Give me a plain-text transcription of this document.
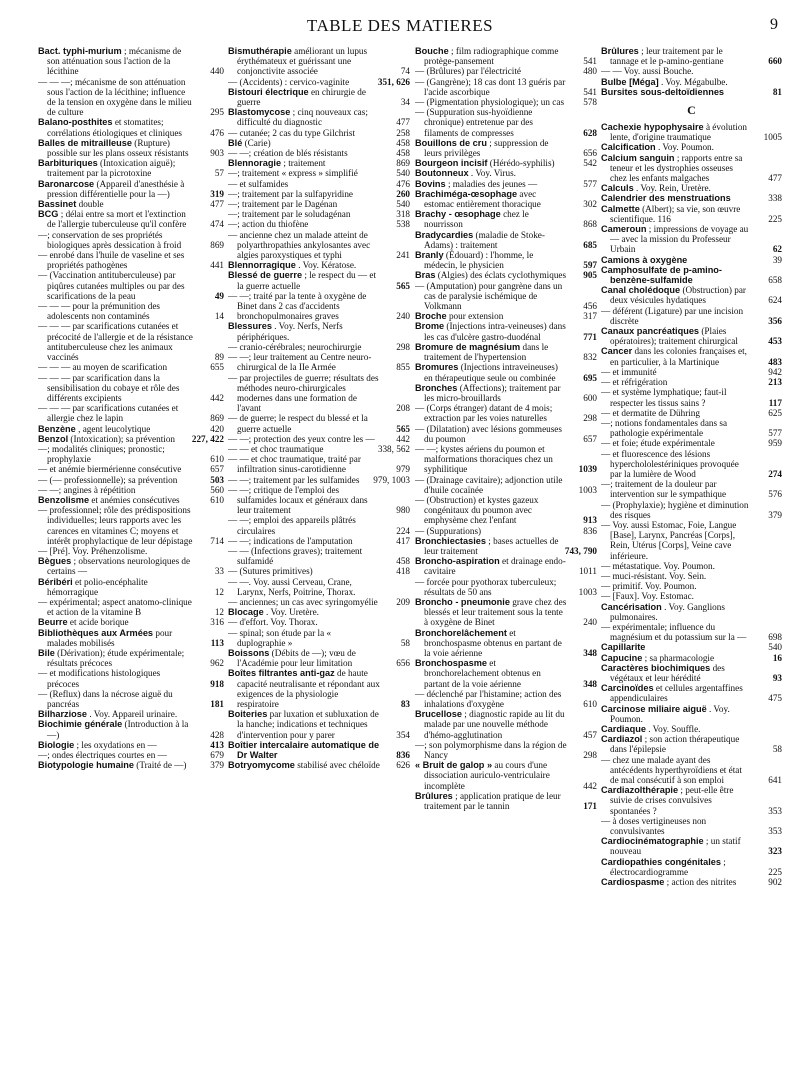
TABLE DES MATIERES	9
Bact. typhi-murium ; mécanisme de son atténuation sous l'action de la lécithine	440
— — —; mécanisme de son atténuation sous l'action de la lécithine; influence de la tension en oxygène dans le milieu de culture	295
Balano-posthites et stomatites; corrélations étiologiques et cliniques	476
Balles de mitrailleuse (Rupture) possible sur les plans osseux résistants 903
Barbituriques (Intoxication aiguë); traitement par la picrotoxine	57
Baronarcose (Appareil d'anesthésie à pression différentielle pour la —)	319
Bassinet double	477
BCG ; délai entre sa mort et l'extinction de l'allergie tuberculeuse qu'il confère	474
—; conservation de ses propriétés biologiques après dessication à froid	869
— enrobé dans l'huile de vaseline et ses propriétés pathogènes	441
— (Vaccination antituberculeuse) par piqûres cutanées multiples ou par des scarifications de la peau	49
— — — pour la prémunition des adolescents non contaminés	14
— — — par scarifications cutanées et précocité de l'allergie et de la résistance antituberculeuse chez les animaux vaccinés	89
— — — au moyen de scarification	655
— — — par scarification dans la sensibilisation du cobaye et rôle des différents excipients	442
— — — par scarifications cutanées et allergie chez le lapin	869
Benzène , agent leucolytique	420
Benzol (Intoxication); sa prévention 227, 422
—; modalités cliniques; pronostic; prophylaxie	610
— et anémie biermérienne consécutive	657
— (— professionnelle); sa prévention	503
— —; angines à répétition	560
Benzolisme et anémies consécutives	610
— professionnel; rôle des prédispositions individuelles; leurs rapports avec les carences en vitamines C; moyens et intérêt prophylactique de leur dépistage 714
— [Pré]. Voy. Préhenzolisme.
Bègues ; observations neurologiques de certains —	33
Béribéri et polio-encéphalite hémorragique	12
— expérimental; aspect anatomo-clinique et action de la vitamine B	12
Beurre et acide borique	316
Bibliothèques aux Armées pour malades mobilisés	113
Bile (Dérivation); étude expérimentale; résultats précoces	962
— et modifications histologiques précoces	918
— (Reflux) dans la nécrose aiguë du pancréas	181
Bilharziose . Voy. Appareil urinaire.
Biochimie générale (Introduction à la —)	428
Biologie ; les oxydations en —	413
—; ondes électriques courtes en —	679
Biotypologie humaine (Traité de —)	379
Bismuthérapie améliorant un lupus érythémateux et guérissant une conjonctivite associée	74
— (Accidents) : cervico-vaginite	351, 626
Bistouri électrique en chirurgie de guerre	34
Blastomycose ; cinq nouveaux cas; difficulté du diagnostic	477
— cutanée; 2 cas du type Gilchrist	258
Blé (Carie)	458
— —; création de blés résistants	458
Blennoragie ; traitement	869
—; traitement « express » simplifié	540
— et sulfamides	476
—; traitement par la sulfapyridine	260
—; traitement par le Dagénan	540
—; traitement par le soludagénan	318
—; action du thiofène	538
— ancienne chez un malade atteint de polyarthropathies ankylosantes avec algies paroxystiques et typhi	241
Blennorragique . Voy. Kératose.
Blessé de guerre ; le respect du — et la guerre actuelle	565
— —; traité par la tente à oxygène de Binet dans 2 cas d'accidents bronchopulmonaires graves	240
Blessures . Voy. Nerfs, Nerfs périphériques.
— cranio-cérébrales; neurochirurgie	298
— —; leur traitement au Centre neuro-chirurgical de la IIe Armée	855
— par projectiles de guerre; résultats des méthodes neuro-chirurgicales modernes dans une formation de l'avant	208
— de guerre; le respect du blessé et la guerre actuelle	565
— —; protection des yeux contre les — 442
— — et choc traumatique	338, 562
— — et choc traumatique, traité par infiltration sinus-carotidienne	979
— —; traitement par les sulfamides 979, 1003
— —; critique de l'emploi des sulfamides locaux et généraux dans leur traitement	980
— —; emploi des appareils plâtrés circulaires	224
— —; indications de l'amputation	417
— — (Infections graves); traitement sulfamidé	458
— (Sutures primitives)	418
— —. Voy. aussi Cerveau, Crane, Larynx, Nerfs, Poitrine, Thorax.
— anciennes; un cas avec syringomyélie 209
Blocage . Voy. Uretère.
— d'effort. Voy. Thorax.
— spinal; son étude par la « duplographie »	58
Boissons (Débits de —); vœu de l'Académie pour leur limitation	656
Boîtes filtrantes anti-gaz de haute capacité neutralisante et répondant aux exigences de la physiologie respiratoire	83
Boiteries par luxation et subluxation de la hanche; indications et techniques d'intervention pour y parer	354
Boîtier intercalaire automatique de Dr Walter	836
Botryomycome stabilisé avec chéloïde 626
Bouche ; film radiographique comme protège-pansement	541
— (Brûlures) par l'électricité	480
— (Gangrène); 18 cas dont 13 guéris par l'acide ascorbique	541
— (Pigmentation physiologique); un cas 578
— (Suppuration sus-hyoïdienne chronique) entretenue par des filaments de compresses	628
Bouillons de cru ; suppression de leurs privilèges	656
Bourgeon incisif (Hérédo-syphilis)	542
Boutonneux . Voy. Virus.
Bovins ; maladies des jeunes —	577
Brachiméga-œsophage avec estomac entièrement thoracique	302
Brachy - œsophage chez le nourrisson	868
Bradycardies (maladie de Stoke-Adams) : traitement	685
Branly (Édouard) : l'homme, le médecin, le physicien	597
Bras (Algies) des éclats cyclothymiques 905
— (Amputation) pour gangrène dans un cas de paralysie ischémique de Volkmann	456
Broche pour extension	317
Brome (Injections intra-veineuses) dans les cas d'ulcère gastro-duodénal	771
Bromure de magnésium dans le traitement de l'hypertension	832
Bromures (Injections intraveineuses) en thérapeutique seule ou combinée	695
Bronches (Affections); traitement par les micro-brouillards	600
— (Corps étranger) datant de 4 mois; extraction par les voies naturelles	298
— (Dilatation) avec lésions gommeuses du poumon	657
— —; kystes aériens du poumon et malformations thoraciques chez un syphilitique	1039
— (Drainage cavitaire); adjonction utile d'huile cocaïnée	1003
— (Obstruction) et kystes gazeux congénitaux du poumon avec emphysème chez l'enfant	913
— (Suppurations)	836
Bronchiectasies ; bases actuelles de leur traitement	743, 790
Broncho-aspiration et drainage endo-cavitaire	1011
— forcée pour pyothorax tuberculeux; résultats de 50 ans	1003
Broncho - pneumonie grave chez des blessés et leur traitement sous la tente à oxygène de Binet	240
Bronchorelâchement et bronchospasme obtenus en partant de la voie aérienne	348
Bronchospasme et bronchorelachement obtenus en partant de la voie aérienne	348
— déclenché par l'histamine; action des inhalations d'oxygène	610
Brucellose ; diagnostic rapide au lit du malade par une nouvelle méthode d'hémo-agglutination	457
—; son polymorphisme dans la région de Nancy	298
« Bruit de galop » au cours d'une dissociation auriculo-ventriculaire incomplète	442
Brûlures ; application pratique de leur traitement par le tannin	171
Brûlures ; leur traitement par le tannage et le p-amino-gentiane	660
— — Voy. aussi Bouche.
Bulbe [Méga] . Voy. Mégabulbe.
Bursites sous-deltoïdiennes	81
C
Cachexie hypophysaire à évolution lente, d'origine traumatique	1005
Calcification . Voy. Poumon.
Calcium sanguin ; rapports entre sa teneur et les dystrophies osseuses chez les enfants malgaches	477
Calculs . Voy. Rein, Uretère.
Calendrier des menstruations	338
Calmette (Albert); sa vie, son œuvre scientifique. 116	225
Cameroun ; impressions de voyage au — avec la mission du Professeur Urbain	62
Camions à oxygène	39
Camphosulfate de p-amino-benzène-sulfamide	658
Canal cholédoque (Obstruction) par deux vésicules hydatiques	624
— déférent (Ligature) par une incision discrète	356
Canaux pancréatiques (Plaies opératoires); traitement chirurgical	453
Cancer dans les colonies françaises et, en particulier, à la Martinique	483
— et immunité	942
— et réfrigération	213
— et système lymphatique; faut-il respecter les tissus sains ?	117
— et dermatite de Dühring	625
—; notions fondamentales dans sa pathologie expérimentale	577
— et foie; étude expérimentale	959
— et fluorescence des lésions hyperchololestériniques provoquée par la lumière de Wood	274
—; traitement de la douleur par intervention sur le sympathique	576
— (Prophylaxie); hygiène et diminution des risques	379
— Voy. aussi Estomac, Foie, Langue [Base], Larynx, Pancréas [Corps], Rein, Utérus [Corps], Veine cave inférieure.
— métastatique. Voy. Poumon.
— muci-résistant. Voy. Sein.
— primitif. Voy. Poumon.
— [Faux]. Voy. Estomac.
Cancérisation . Voy. Ganglions pulmonaires.
— expérimentale; influence du magnésium et du potassium sur la — 698
Capillarite	540
Capucine ; sa pharmacologie	16
Caractères biochimiques des végétaux et leur hérédité	93
Carcinoïdes et cellules argentaffines appendiculaires	475
Carcinose miliaire aiguë . Voy. Poumon.
Cardiaque . Voy. Souffle.
Cardiazol ; son action thérapeutique dans l'épilepsie	58
— chez une malade ayant des antécédents hyperthyroïdiens et état de mal consécutif à son emploi	641
Cardiazolthérapie ; peut-elle être suivie de crises convulsives spontanées ?	353
— à doses vertigineuses non convulsivantes	353
Cardiocinématographie ; un statif nouveau	323
Cardiopathies congénitales ; électrocardiogramme	225
Cardiospasme ; action des nitrites	902
